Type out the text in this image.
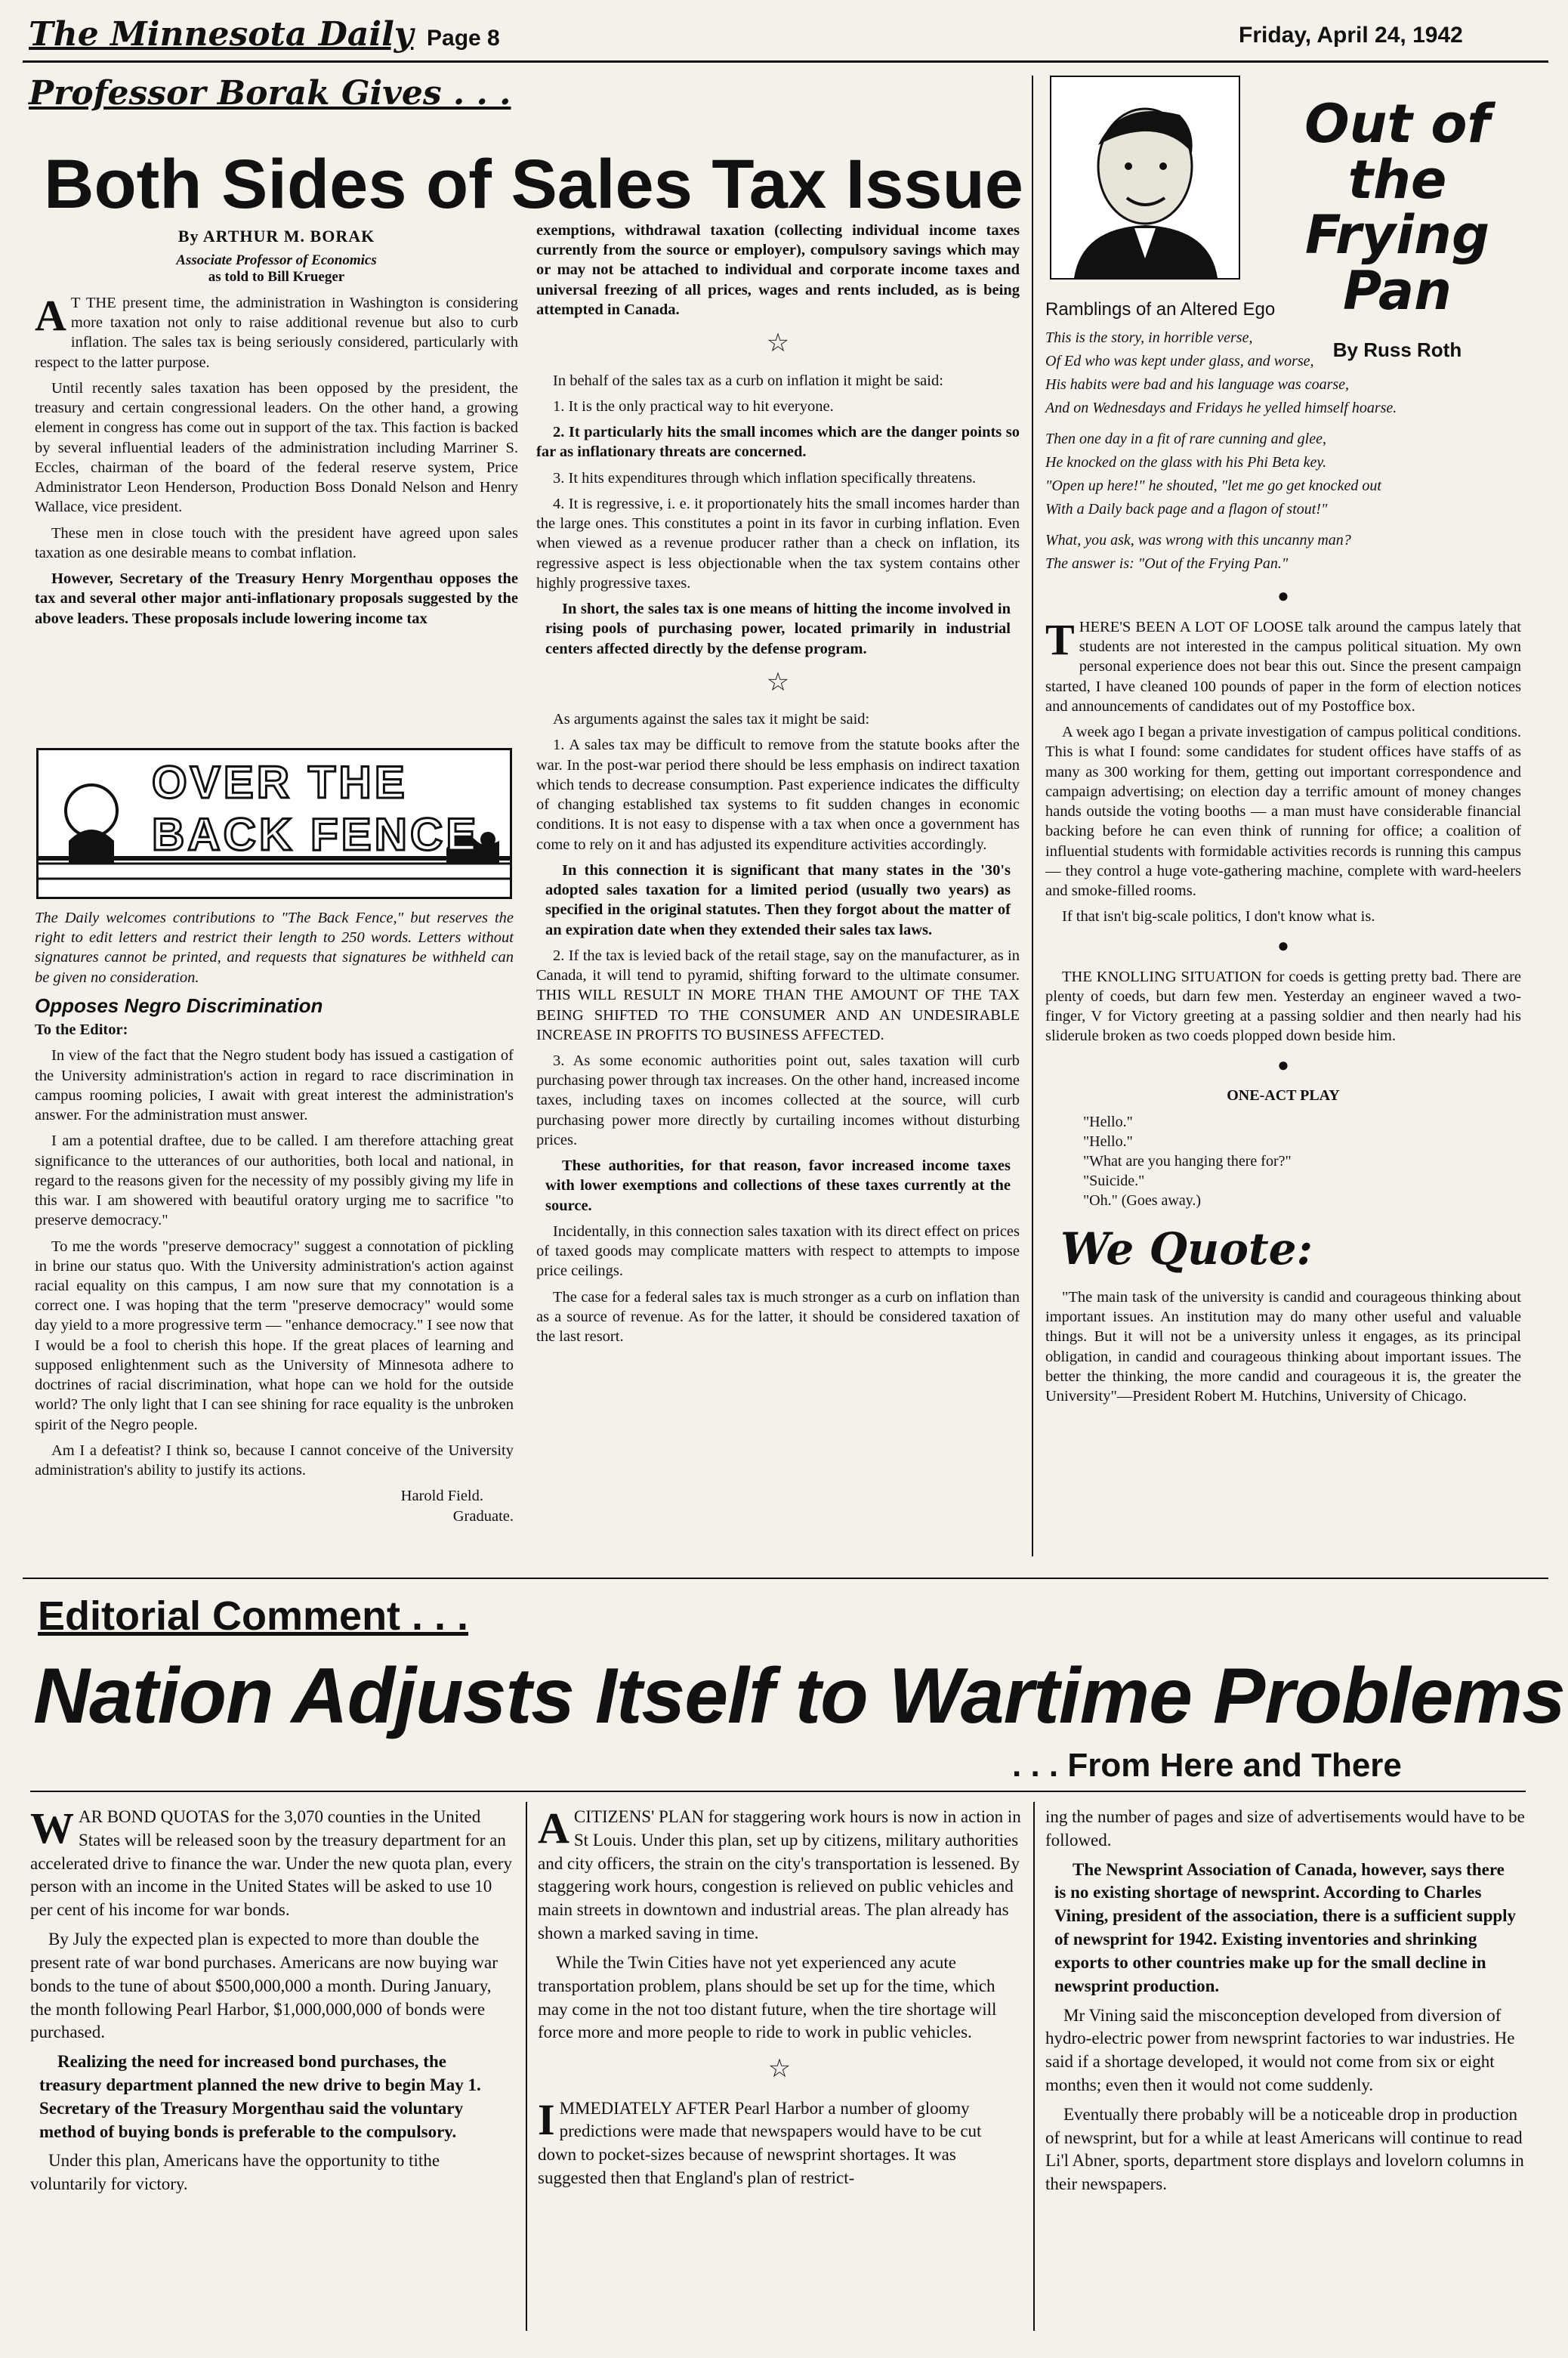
The Minnesota Daily Page 8	Friday, April 24, 1942
Professor Borak Gives . . .
Both Sides of Sales Tax Issue
By ARTHUR M. BORAK
Associate Professor of Economics
as told to Bill Krueger

AT THE present time, the administration in Washington is considering more taxation not only to raise additional revenue but also to curb inflation. The sales tax is being seriously considered, particularly with respect to the latter purpose.

Until recently sales taxation has been opposed by the president, the treasury and certain congressional leaders. On the other hand, a growing element in congress has come out in support of the tax. This faction is backed by several influential leaders of the administration including Marriner S. Eccles, chairman of the board of the federal reserve system, Price Administrator Leon Henderson, Production Boss Donald Nelson and Henry Wallace, vice president.

These men in close touch with the president have agreed upon sales taxation as one desirable means to combat inflation.

However, Secretary of the Treasury Henry Morgenthau opposes the tax and several other major anti-inflationary proposals suggested by the above leaders. These proposals include lowering income tax

exemptions, withdrawal taxation (collecting individual income taxes currently from the source or employer), compulsory savings which may or may not be attached to individual and corporate income taxes and universal freezing of all prices, wages and rents included, as is being attempted in Canada.

☆

In behalf of the sales tax as a curb on inflation it might be said:

1. It is the only practical way to hit everyone.

2. It particularly hits the small incomes which are the danger points so far as inflationary threats are concerned.

3. It hits expenditures through which inflation specifically threatens.

4. It is regressive, i. e. it proportionately hits the small incomes harder than the large ones. This constitutes a point in its favor in curbing inflation. Even when viewed as a revenue producer rather than a check on inflation, its regressive aspect is less objectionable when the tax system contains other highly progressive taxes.

In short, the sales tax is one means of hitting the income involved in rising pools of purchasing power, located primarily in industrial centers affected directly by the defense program.

☆

As arguments against the sales tax it might be said:

1. A sales tax may be difficult to remove from the statute books after the war. In the post-war period there should be less emphasis on indirect taxation which tends to decrease consumption. Past experience indicates the difficulty of changing established tax systems to fit sudden changes in economic conditions. It is not easy to dispense with a tax when once a government has come to rely on it and has adjusted its expenditure activities accordingly.

In this connection it is significant that many states in the '30's adopted sales taxation for a limited period (usually two years) as specified in the original statutes. Then they forgot about the matter of an expiration date when they extended their sales tax laws.

2. If the tax is levied back of the retail stage, say on the manufacturer, as in Canada, it will tend to pyramid, shifting forward to the ultimate consumer. THIS WILL RESULT IN MORE THAN THE AMOUNT OF THE TAX BEING SHIFTED TO THE CONSUMER AND AN UNDESIRABLE INCREASE IN PROFITS TO BUSINESS AFFECTED.

3. As some economic authorities point out, sales taxation will curb purchasing power through tax increases. On the other hand, increased income taxes, including taxes on incomes collected at the source, will curb purchasing power more directly by curtailing incomes without disturbing prices.

These authorities, for that reason, favor increased income taxes with lower exemptions and collections of these taxes currently at the source.

Incidentally, in this connection sales taxation with its direct effect on prices of taxed goods may complicate matters with respect to attempts to impose price ceilings.

The case for a federal sales tax is much stronger as a curb on inflation than as a source of revenue. As for the latter, it should be considered taxation of the last resort.

OVER THE BACK FENCE

The Daily welcomes contributions to "The Back Fence," but reserves the right to edit letters and restrict their length to 250 words. Letters without signatures cannot be printed, and requests that signatures be withheld can be given no consideration.

Opposes Negro Discrimination

To the Editor:

In view of the fact that the Negro student body has issued a castigation of the University administration's action in regard to race discrimination in campus rooming policies, I await with great interest the administration's answer. For the administration must answer.

I am a potential draftee, due to be called. I am therefore attaching great significance to the utterances of our authorities, both local and national, in regard to the reasons given for the necessity of my possibly giving my life in this war. I am showered with beautiful oratory urging me to sacrifice "to preserve democracy."

To me the words "preserve democracy" suggest a connotation of pickling in brine our status quo. With the University administration's action against racial equality on this campus, I am now sure that my connotation is a correct one. I was hoping that the term "preserve democracy" would some day yield to a more progressive term — "enhance democracy." I see now that I would be a fool to cherish this hope. If the great places of learning and supposed enlightenment such as the University of Minnesota adhere to doctrines of racial discrimination, what hope can we hold for the outside world? The only light that I can see shining for race equality is the unbroken spirit of the Negro people.

Am I a defeatist? I think so, because I cannot conceive of the University administration's ability to justify its actions.

Harold Field.
Graduate.
Out of the
Frying Pan
By Russ Roth
Ramblings of an Altered Ego
This is the story, in horrible verse,
Of Ed who was kept under glass, and worse,
His habits were bad and his language was coarse,
And on Wednesdays and Fridays he yelled himself hoarse.
Then one day in a fit of rare cunning and glee,
He knocked on the glass with his Phi Beta key.
"Open up here!" he shouted, "let me go get knocked out
With a Daily back page and a flagon of stout!"
What, you ask, was wrong with this uncanny man?
The answer is: "Out of the Frying Pan."
●

THERE'S BEEN A LOT OF LOOSE talk around the campus lately that students are not interested in the campus political situation. My own personal experience does not bear this out. Since the present campaign started, I have cleaned 100 pounds of paper in the form of election notices and announcements of candidates out of my Postoffice box.

A week ago I began a private investigation of campus political conditions. This is what I found: some candidates for student offices have staffs of as many as 300 working for them, getting out important correspondence and campaign advertising; on election day a terrific amount of money changes hands outside the voting booths — a man must have considerable financial backing before he can even think of running for office; a coalition of influential students with formidable activities records is running this campus — they control a huge vote-gathering machine, complete with ward-heelers and smoke-filled rooms.

If that isn't big-scale politics, I don't know what is.

●

THE KNOLLING SITUATION for coeds is getting pretty bad. There are plenty of coeds, but darn few men. Yesterday an engineer waved a two-finger, V for Victory greeting at a passing soldier and then nearly had his sliderule broken as two coeds plopped down beside him.

●
ONE-ACT PLAY
"Hello."
"Hello."
"What are you hanging there for?"
"Suicide."
"Oh." (Goes away.)
We Quote:

"The main task of the university is candid and courageous thinking about important issues. An institution may do many other useful and valuable things. But it will not be a university unless it engages, as its principal obligation, in candid and courageous thinking about important issues. The better the thinking, the more candid and courageous it is, the greater the University"—President Robert M. Hutchins, University of Chicago.

Editorial Comment . . .
Nation Adjusts Itself to Wartime Problems
. . . From Here and There

WAR BOND QUOTAS for the 3,070 counties in the United States will be released soon by the treasury department for an accelerated drive to finance the war. Under the new quota plan, every person with an income in the United States will be asked to use 10 per cent of his income for war bonds.

By July the expected plan is expected to more than double the present rate of war bond purchases. Americans are now buying war bonds to the tune of about $500,000,000 a month. During January, the month following Pearl Harbor, $1,000,000,000 of bonds were purchased.

Realizing the need for increased bond purchases, the treasury department planned the new drive to begin May 1. Secretary of the Treasury Morgenthau said the voluntary method of buying bonds is preferable to the compulsory.

Under this plan, Americans have the opportunity to tithe voluntarily for victory.

ACITIZENS' PLAN for staggering work hours is now in action in St Louis. Under this plan, set up by citizens, military authorities and city officers, the strain on the city's transportation is lessened. By staggering work hours, congestion is relieved on public vehicles and main streets in downtown and industrial areas. The plan already has shown a marked saving in time.

While the Twin Cities have not yet experienced any acute transportation problem, plans should be set up for the time, which may come in the not too distant future, when the tire shortage will force more and more people to ride to work in public vehicles.

☆

IMMEDIATELY AFTER Pearl Harbor a number of gloomy predictions were made that newspapers would have to be cut down to pocket-sizes because of newsprint shortages. It was suggested then that England's plan of restrict-

ing the number of pages and size of advertisements would have to be followed.

The Newsprint Association of Canada, however, says there is no existing shortage of newsprint. According to Charles Vining, president of the association, there is a sufficient supply of newsprint for 1942. Existing inventories and shrinking exports to other countries make up for the small decline in newsprint production.

Mr Vining said the misconception developed from diversion of hydro-electric power from newsprint factories to war industries. He said if a shortage developed, it would not come from six or eight months; even then it would not come suddenly.

Eventually there probably will be a noticeable drop in production of newsprint, but for a while at least Americans will continue to read Li'l Abner, sports, department store displays and lovelorn columns in their newspapers.
